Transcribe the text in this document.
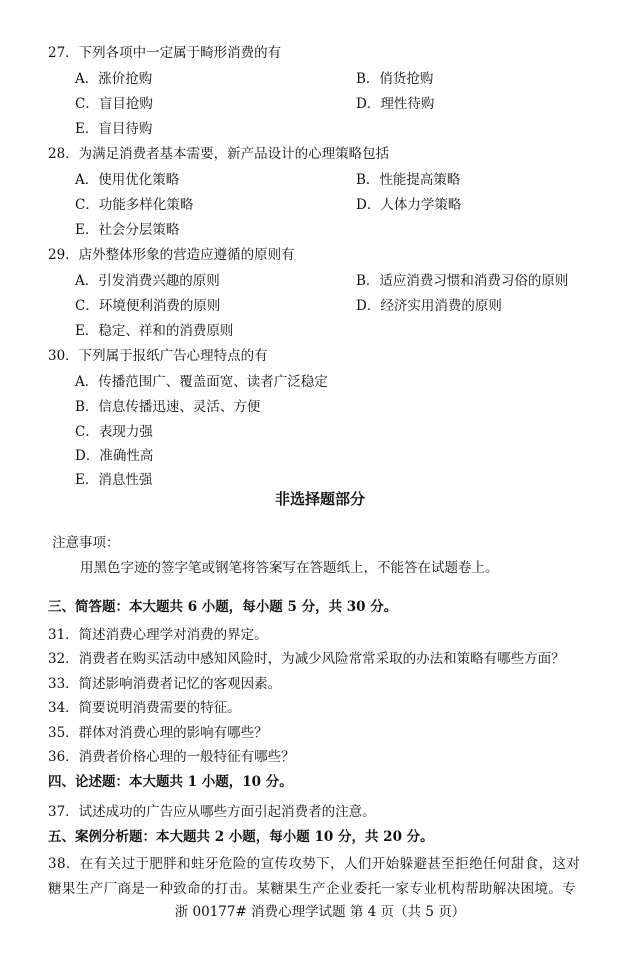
27．下列各项中一定属于畸形消费的有
A．涨价抢购	B．俏货抢购
C．盲目抢购	D．理性待购
E．盲目待购
28．为满足消费者基本需要，新产品设计的心理策略包括
A．使用优化策略	B．性能提高策略
C．功能多样化策略	D．人体力学策略
E．社会分层策略
29．店外整体形象的营造应遵循的原则有
A．引发消费兴趣的原则	B．适应消费习惯和消费习俗的原则
C．环境便利消费的原则	D．经济实用消费的原则
E．稳定、祥和的消费原则
30．下列属于报纸广告心理特点的有
A．传播范围广、覆盖面宽、读者广泛稳定
B．信息传播迅速、灵活、方便
C．表现力强
D．准确性高
E．消息性强
非选择题部分
注意事项：
用黑色字迹的签字笔或钢笔将答案写在答题纸上，不能答在试题卷上。
三、简答题：本大题共 6 小题，每小题 5 分，共 30 分。
31．简述消费心理学对消费的界定。
32．消费者在购买活动中感知风险时，为减少风险常常采取的办法和策略有哪些方面？
33．简述影响消费者记忆的客观因素。
34．简要说明消费需要的特征。
35．群体对消费心理的影响有哪些？
36．消费者价格心理的一般特征有哪些？
四、论述题：本大题共 1 小题，10 分。
37．试述成功的广告应从哪些方面引起消费者的注意。
五、案例分析题：本大题共 2 小题，每小题 10 分，共 20 分。
38．在有关过于肥胖和蛀牙危险的宣传攻势下，人们开始躲避甚至拒绝任何甜食，这对
糖果生产厂商是一种致命的打击。某糖果生产企业委托一家专业机构帮助解决困境。专
浙 00177# 消费心理学试题 第 4 页（共 5 页）
